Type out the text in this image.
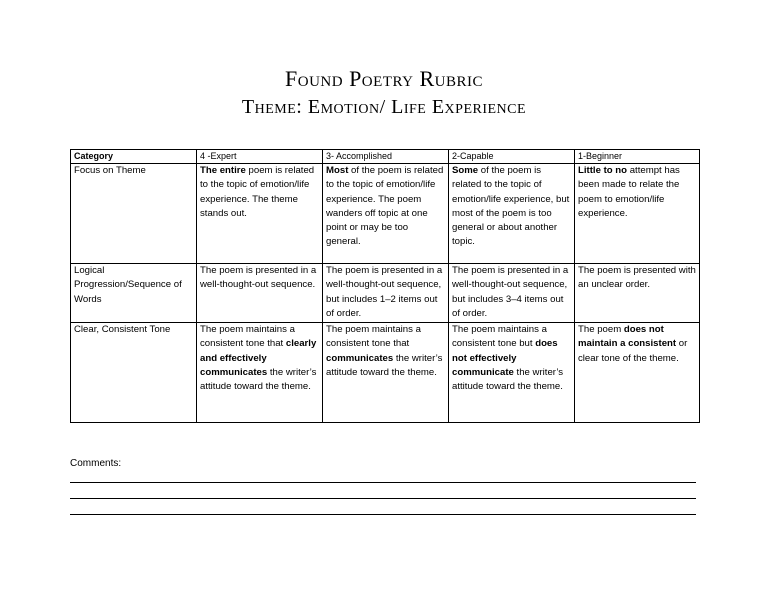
Found Poetry Rubric
Theme: Emotion/ Life Experience
Category	4 -Expert	3- Accomplished	2-Capable	1-Beginner
Focus on Theme	The entire poem is related to the topic of emotion/life experience. The theme stands out.	Most of the poem is related to the topic of emotion/life experience. The poem wanders off topic at one point or may be too general.	Some of the poem is related to the topic of emotion/life experience, but most of the poem is too general or about another topic.	Little to no attempt has been made to relate the poem to emotion/life experience.
Logical Progression/Sequence of Words	The poem is presented in a well-thought-out sequence.	The poem is presented in a well-thought-out sequence, but includes 1–2 items out of order.	The poem is presented in a well-thought-out sequence, but includes 3–4 items out of order.	The poem is presented with an unclear order.
Clear, Consistent Tone	The poem maintains a consistent tone that clearly and effectively communicates the writer’s attitude toward the theme.	The poem maintains a consistent tone that communicates the writer’s attitude toward the theme.	The poem maintains a consistent tone but does not effectively communicate the writer’s attitude toward the theme.	The poem does not maintain a consistent or clear tone of the theme.
Comments:
